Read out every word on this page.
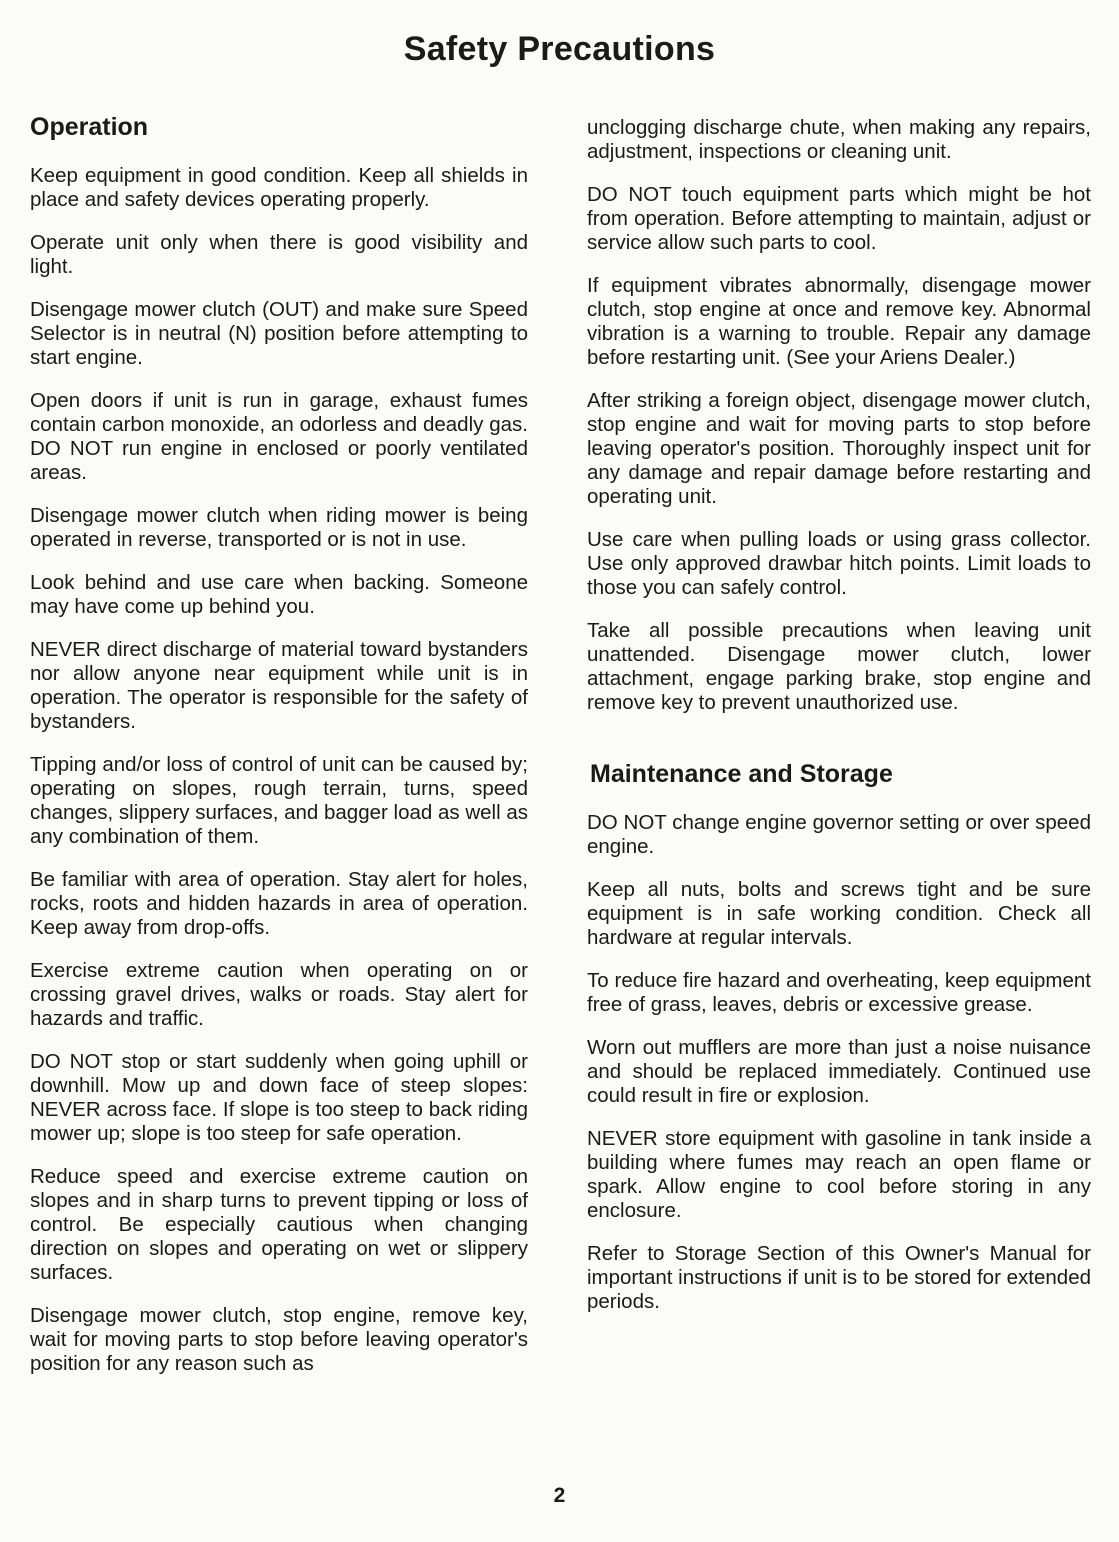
Safety Precautions
Operation

Keep equipment in good condition. Keep all shields in place and safety devices operating properly.

Operate unit only when there is good visibility and light.

Disengage mower clutch (OUT) and make sure Speed Selector is in neutral (N) position before attempting to start engine.

Open doors if unit is run in garage, exhaust fumes contain carbon monoxide, an odorless and deadly gas. DO NOT run engine in enclosed or poorly ventilated areas.

Disengage mower clutch when riding mower is being operated in reverse, transported or is not in use.

Look behind and use care when backing. Someone may have come up behind you.

NEVER direct discharge of material toward bystanders nor allow anyone near equipment while unit is in operation. The operator is responsible for the safety of bystanders.

Tipping and/or loss of control of unit can be caused by; operating on slopes, rough terrain, turns, speed changes, slippery surfaces, and bagger load as well as any combination of them.

Be familiar with area of operation. Stay alert for holes, rocks, roots and hidden hazards in area of operation. Keep away from drop-offs.

Exercise extreme caution when operating on or crossing gravel drives, walks or roads. Stay alert for hazards and traffic.

DO NOT stop or start suddenly when going uphill or downhill. Mow up and down face of steep slopes: NEVER across face. If slope is too steep to back riding mower up; slope is too steep for safe operation.

Reduce speed and exercise extreme caution on slopes and in sharp turns to prevent tipping or loss of control. Be especially cautious when changing direction on slopes and operating on wet or slippery surfaces.

Disengage mower clutch, stop engine, remove key, wait for moving parts to stop before leaving operator's position for any reason such as

unclogging discharge chute, when making any repairs, adjustment, inspections or cleaning unit.

DO NOT touch equipment parts which might be hot from operation. Before attempting to maintain, adjust or service allow such parts to cool.

If equipment vibrates abnormally, disengage mower clutch, stop engine at once and remove key. Abnormal vibration is a warning to trouble. Repair any damage before restarting unit. (See your Ariens Dealer.)

After striking a foreign object, disengage mower clutch, stop engine and wait for moving parts to stop before leaving operator's position. Thoroughly inspect unit for any damage and repair damage before restarting and operating unit.

Use care when pulling loads or using grass collector. Use only approved drawbar hitch points. Limit loads to those you can safely control.

Take all possible precautions when leaving unit unattended. Disengage mower clutch, lower attachment, engage parking brake, stop engine and remove key to prevent unauthorized use.

Maintenance and Storage

DO NOT change engine governor setting or over speed engine.

Keep all nuts, bolts and screws tight and be sure equipment is in safe working condition. Check all hardware at regular intervals.

To reduce fire hazard and overheating, keep equipment free of grass, leaves, debris or excessive grease.

Worn out mufflers are more than just a noise nuisance and should be replaced immediately. Continued use could result in fire or explosion.

NEVER store equipment with gasoline in tank inside a building where fumes may reach an open flame or spark. Allow engine to cool before storing in any enclosure.

Refer to Storage Section of this Owner's Manual for important instructions if unit is to be stored for extended periods.

2
